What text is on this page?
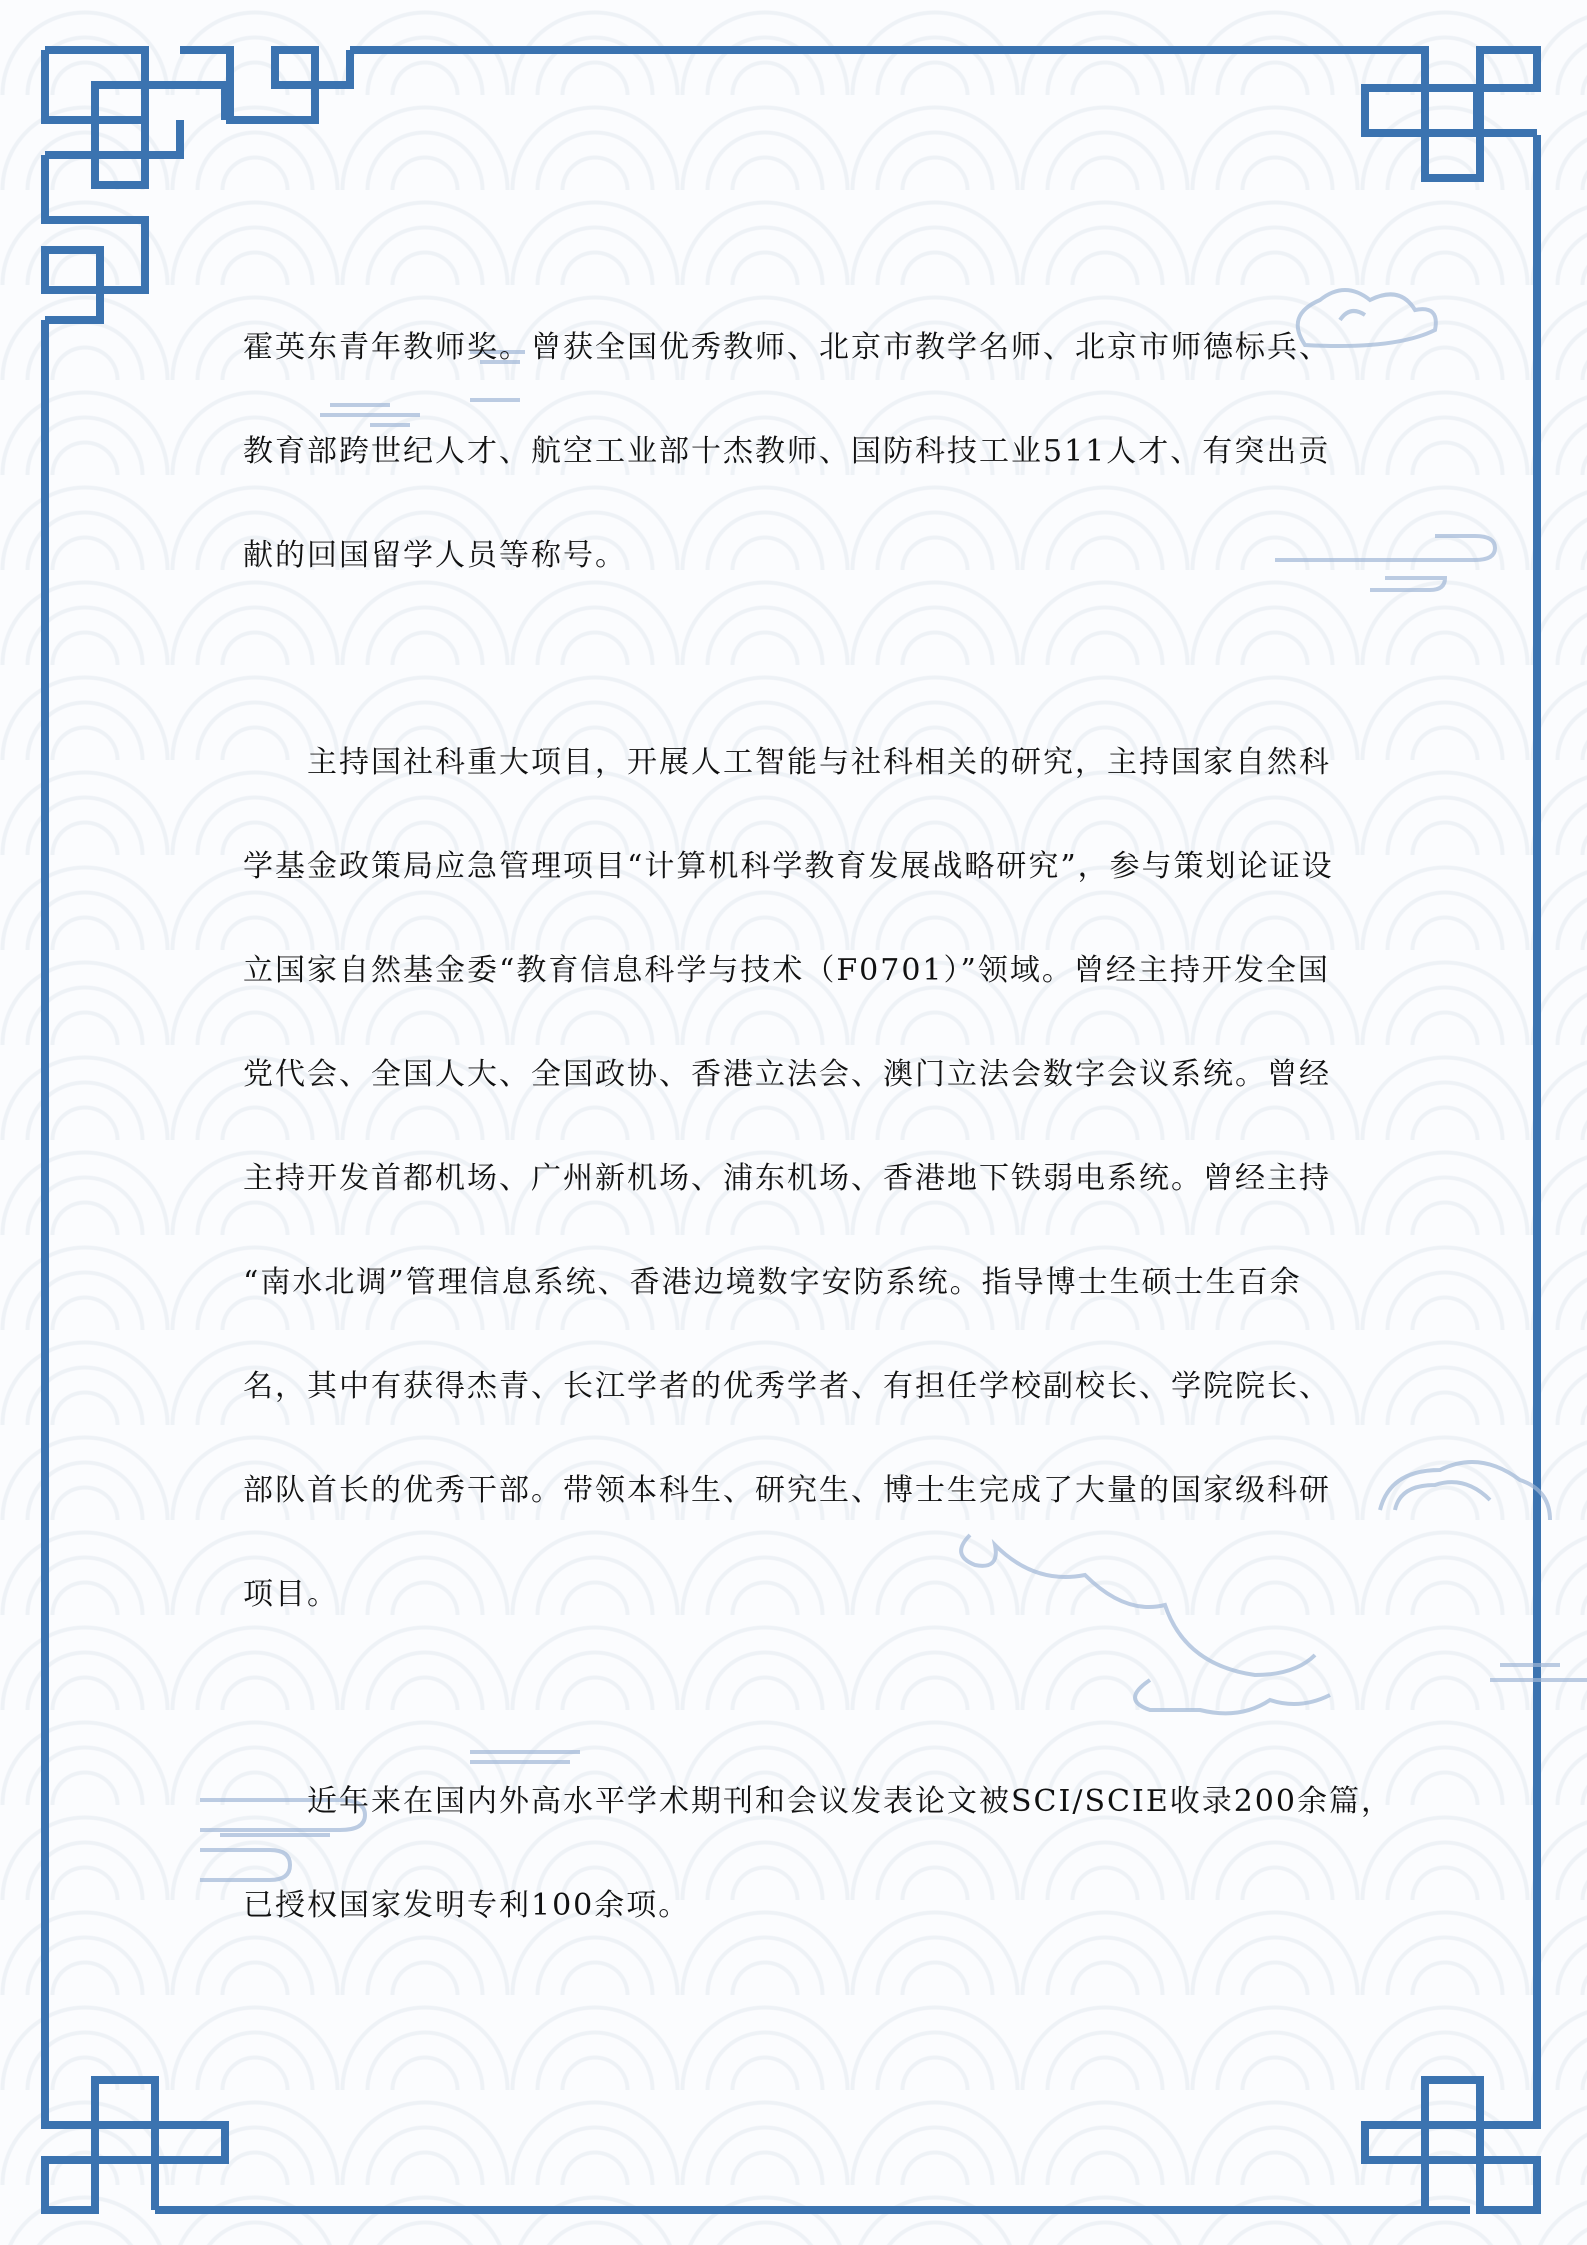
霍英东青年教师奖。曾获全国优秀教师、北京市教学名师、北京市师德标兵、
教育部跨世纪人才、航空工业部十杰教师、国防科技工业511人才、有突出贡
献的回国留学人员等称号。
主持国社科重大项目，开展人工智能与社科相关的研究，主持国家自然科
学基金政策局应急管理项目“计算机科学教育发展战略研究”，参与策划论证设
立国家自然基金委“教育信息科学与技术（F0701）”领域。曾经主持开发全国
党代会、全国人大、全国政协、香港立法会、澳门立法会数字会议系统。曾经
主持开发首都机场、广州新机场、浦东机场、香港地下铁弱电系统。曾经主持
“南水北调”管理信息系统、香港边境数字安防系统。指导博士生硕士生百余
名，其中有获得杰青、长江学者的优秀学者、有担任学校副校长、学院院长、
部队首长的优秀干部。带领本科生、研究生、博士生完成了大量的国家级科研
项目。
近年来在国内外高水平学术期刊和会议发表论文被SCI/SCIE收录200余篇，
已授权国家发明专利100余项。
